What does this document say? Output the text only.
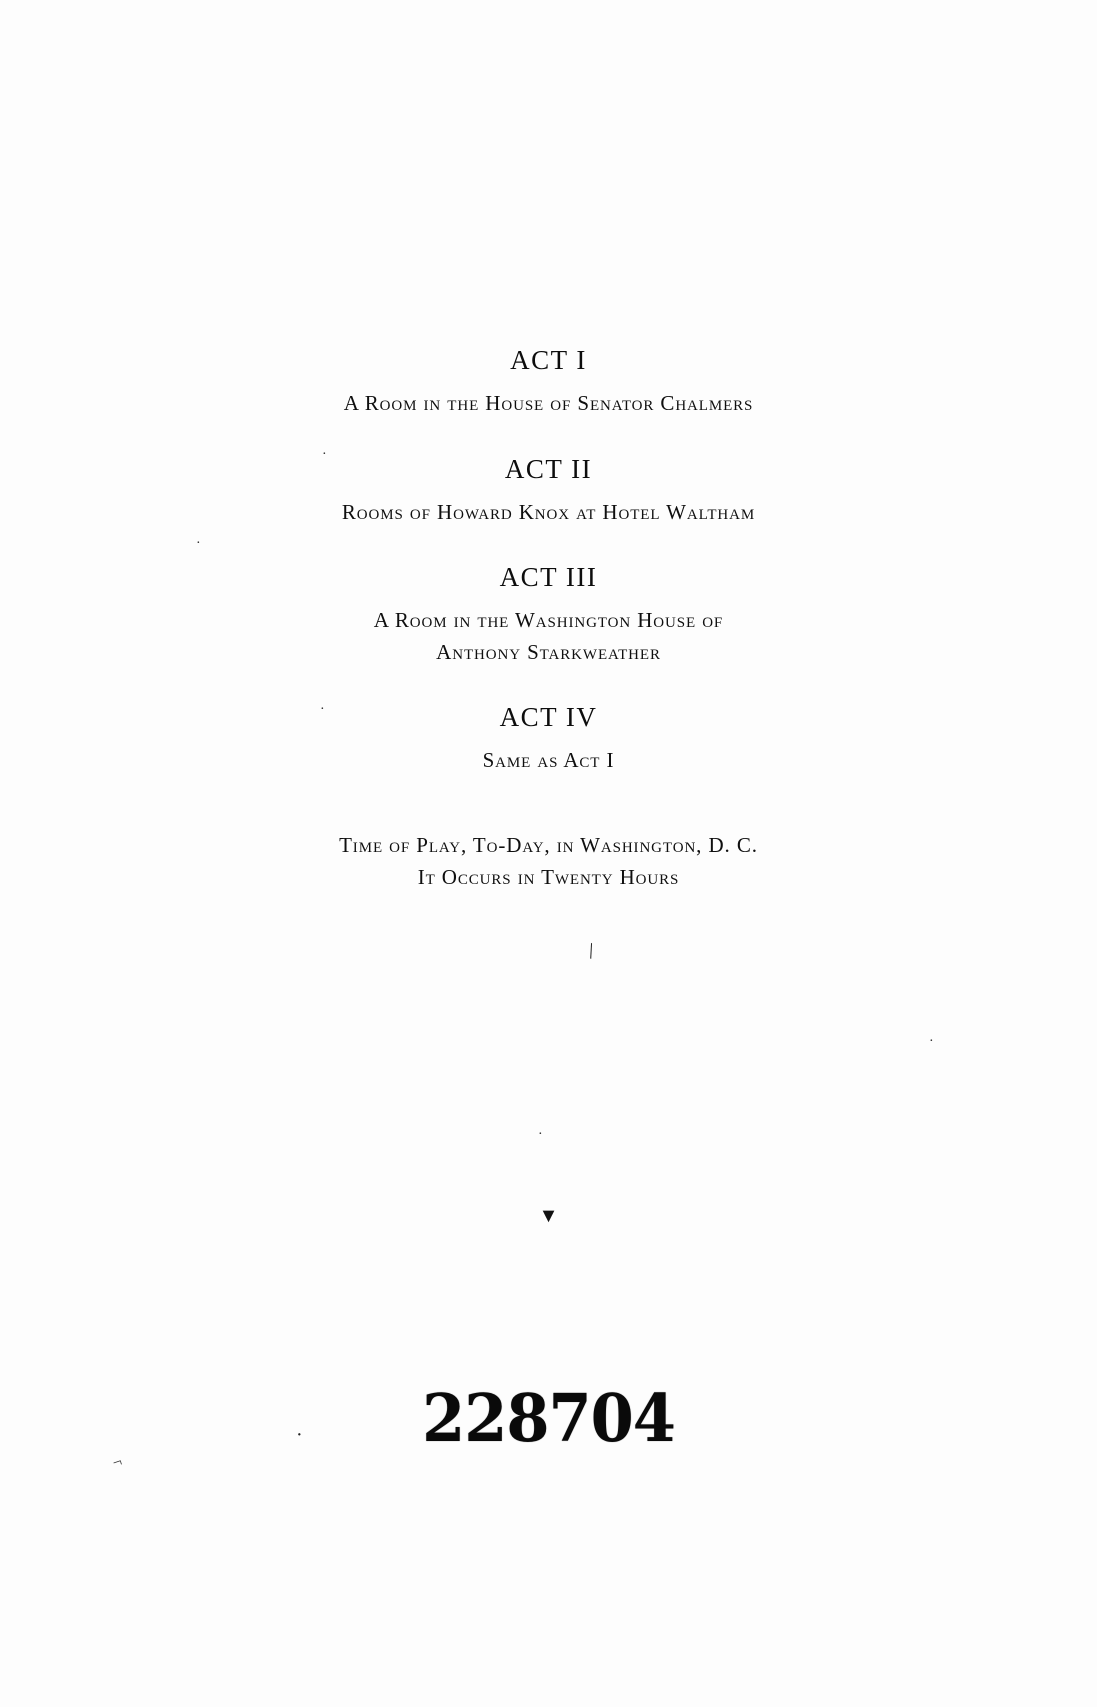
ACT I
A Room in the House of Senator Chalmers
ACT II
Rooms of Howard Knox at Hotel Waltham
ACT III
A Room in the Washington House of
Anthony Starkweather
ACT IV
Same as Act I
Time of Play, To-Day, in Washington, D. C.
It Occurs in Twenty Hours
▼
228704
·
·
·
\
·
·
¬
·
